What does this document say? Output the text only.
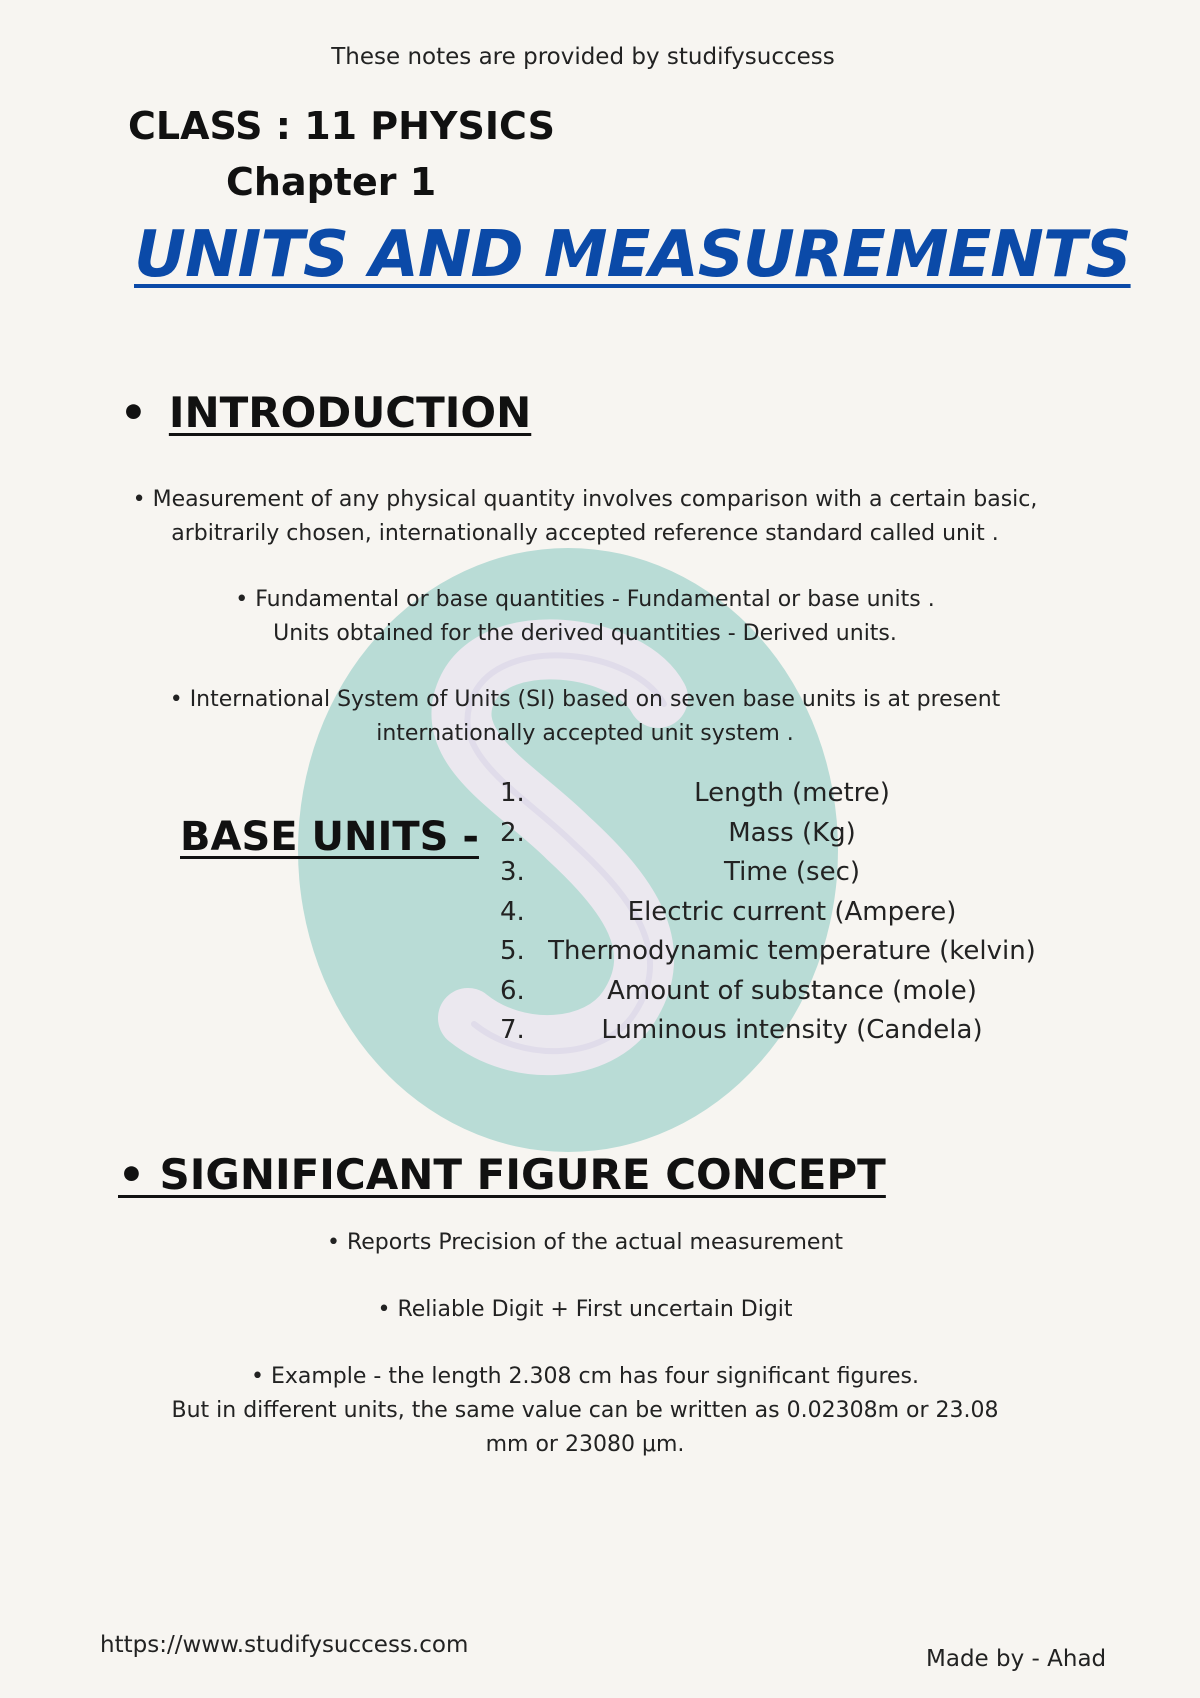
These notes are provided by studifysuccess
CLASS : 11 PHYSICS
Chapter 1
UNITS AND MEASUREMENTS
• INTRODUCTION
• Measurement of any physical quantity involves comparison with a certain basic,
arbitrarily chosen, internationally accepted reference standard called unit .
• Fundamental or base quantities - Fundamental or base units .
Units obtained for the derived quantities - Derived units.
• International System of Units (SI) based on seven base units is at present
internationally accepted unit system .
BASE UNITS -
1.	Length (metre)
2.	Mass (Kg)
3.	Time (sec)
4.	Electric current (Ampere)
5. Thermodynamic temperature (kelvin)
6.	Amount of substance (mole)
7.	Luminous intensity (Candela)
• SIGNIFICANT FIGURE CONCEPT
• Reports Precision of the actual measurement
• Reliable Digit + First uncertain Digit
• Example - the length 2.308 cm has four significant figures.
But in different units, the same value can be written as 0.02308m or 23.08
mm or 23080 μm.
https://www.studifysuccess.com
Made by - Ahad
